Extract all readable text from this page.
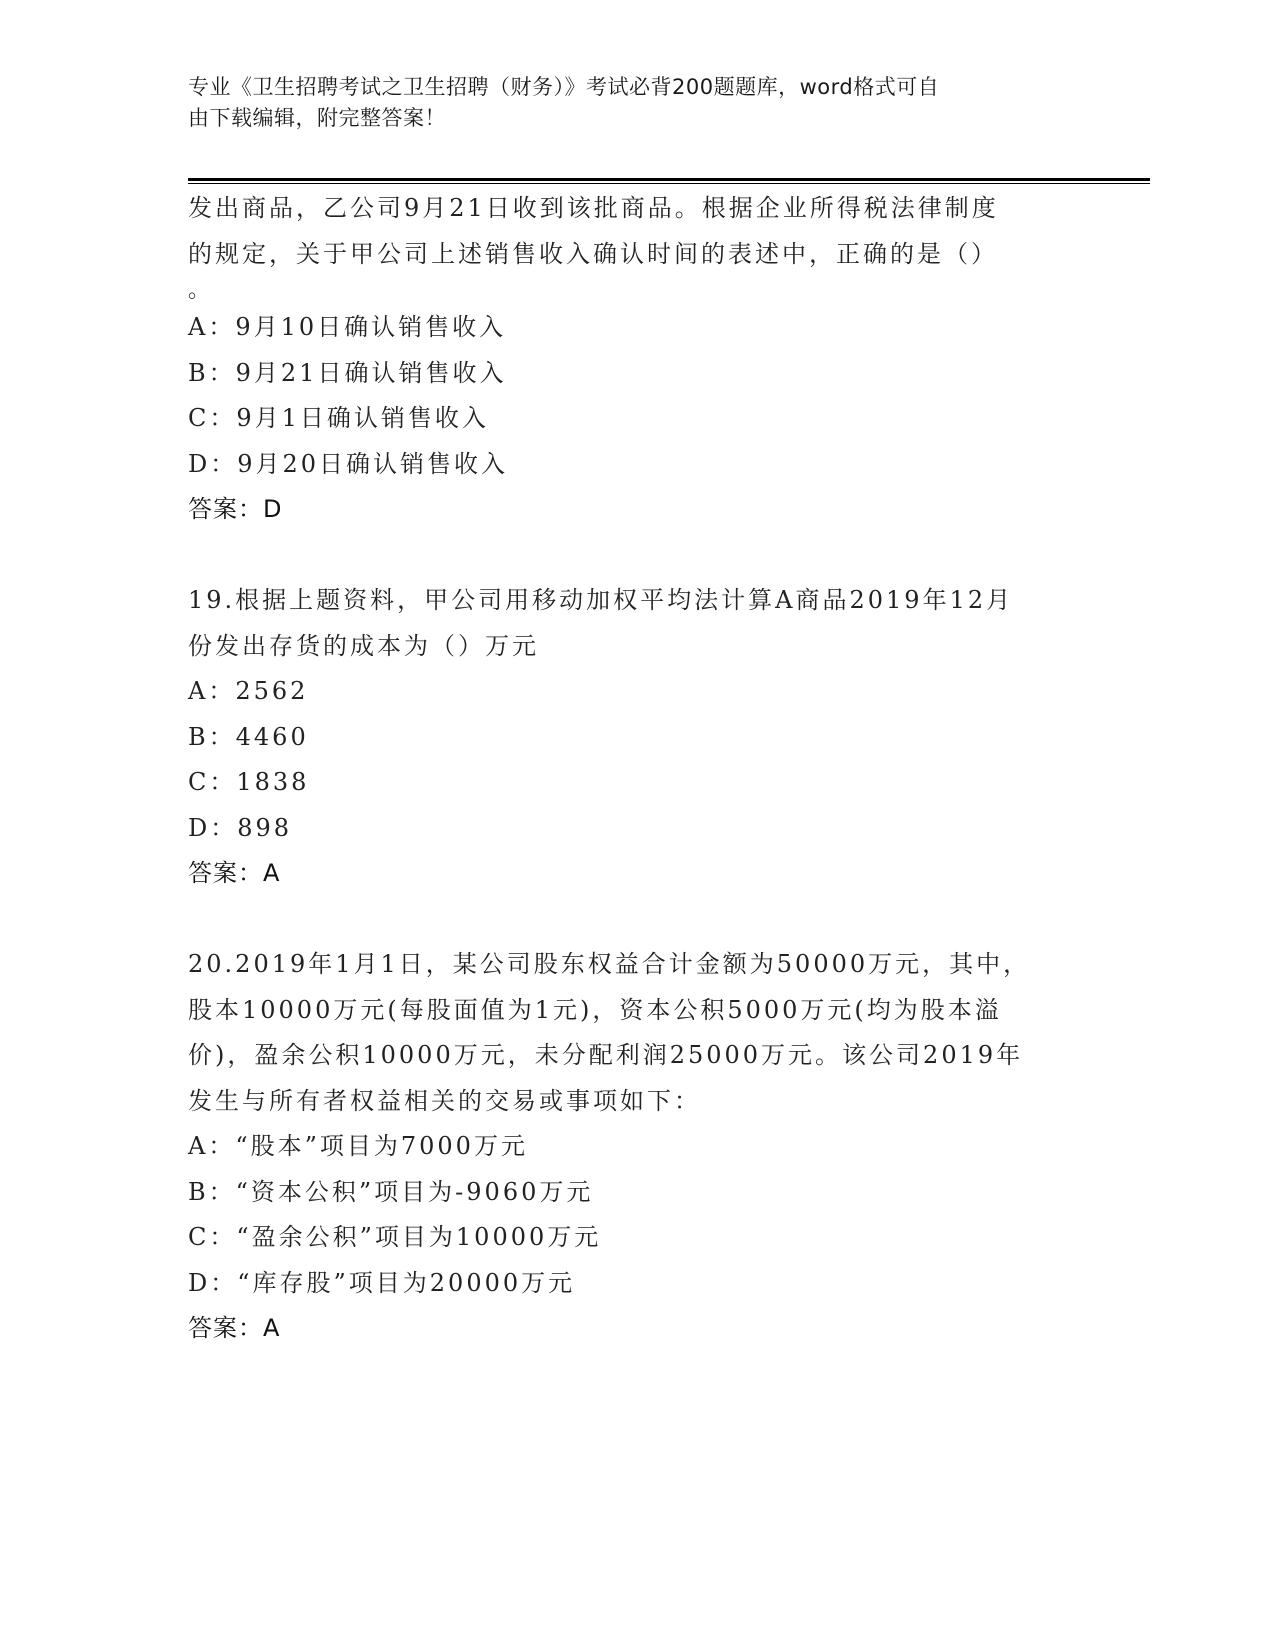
专业《卫生招聘考试之卫生招聘（财务）》考试必背200题题库，word格式可自
由下载编辑，附完整答案！

发出商品，乙公司9月21日收到该批商品。根据企业所得税法律制度

的规定，关于甲公司上述销售收入确认时间的表述中，正确的是（）

。

A：9月10日确认销售收入

B：9月21日确认销售收入

C：9月1日确认销售收入

D：9月20日确认销售收入

答案：D

19.根据上题资料，甲公司用移动加权平均法计算A商品2019年12月

份发出存货的成本为（）万元

A：2562

B：4460

C：1838

D：898

答案：A

20.2019年1月1日，某公司股东权益合计金额为50000万元，其中，

股本10000万元(每股面值为1元)，资本公积5000万元(均为股本溢

价)，盈余公积10000万元，未分配利润25000万元。该公司2019年

发生与所有者权益相关的交易或事项如下：

A：“股本”项目为7000万元

B：“资本公积”项目为-9060万元

C：“盈余公积”项目为10000万元

D：“库存股”项目为20000万元

答案：A
